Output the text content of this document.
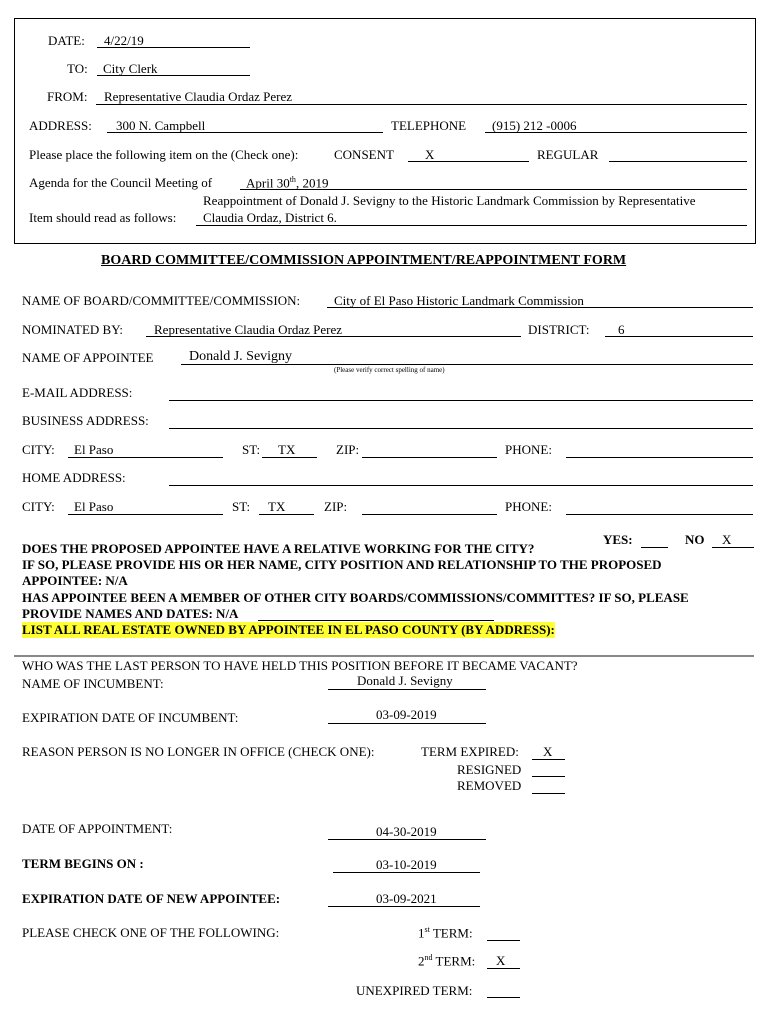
DATE: 4/22/19
TO: City Clerk
FROM: Representative Claudia Ordaz Perez
ADDRESS: 300 N. Campbell	TELEPHONE (915) 212 -0006
Please place the following item on the (Check one):	CONSENT X	REGULAR
Agenda for the Council Meeting of	April 30th, 2019
Reappointment of Donald J. Sevigny to the Historic Landmark Commission by Representative
Item should read as follows: Claudia Ordaz, District 6.
BOARD COMMITTEE/COMMISSION APPOINTMENT/REAPPOINTMENT FORM
NAME OF BOARD/COMMITTEE/COMMISSION:	City of El Paso Historic Landmark Commission
NOMINATED BY: Representative Claudia Ordaz Perez	DISTRICT: 6
NAME OF APPOINTEE	Donald J. Sevigny
(Please verify correct spelling of name)
E-MAIL ADDRESS:
BUSINESS ADDRESS:
CITY: El Paso	ST: TX	ZIP:	PHONE:
HOME ADDRESS:
CITY: El Paso	ST: TX	ZIP:	PHONE:
YES:	NO X
DOES THE PROPOSED APPOINTEE HAVE A RELATIVE WORKING FOR THE CITY?
IF SO, PLEASE PROVIDE HIS OR HER NAME, CITY POSITION AND RELATIONSHIP TO THE PROPOSED
APPOINTEE: N/A
HAS APPOINTEE BEEN A MEMBER OF OTHER CITY BOARDS/COMMISSIONS/COMMITTES? IF SO, PLEASE
PROVIDE NAMES AND DATES: N/A
LIST ALL REAL ESTATE OWNED BY APPOINTEE IN EL PASO COUNTY (BY ADDRESS):
WHO WAS THE LAST PERSON TO HAVE HELD THIS POSITION BEFORE IT BECAME VACANT?
NAME OF INCUMBENT:	Donald J. Sevigny
EXPIRATION DATE OF INCUMBENT:	03-09-2019
REASON PERSON IS NO LONGER IN OFFICE (CHECK ONE):	TERM EXPIRED: X
RESIGNED
REMOVED
DATE OF APPOINTMENT:	04-30-2019
TERM BEGINS ON :	03-10-2019
EXPIRATION DATE OF NEW APPOINTEE:	03-09-2021
PLEASE CHECK ONE OF THE FOLLOWING:	1st TERM:
2nd TERM: X
UNEXPIRED TERM:
